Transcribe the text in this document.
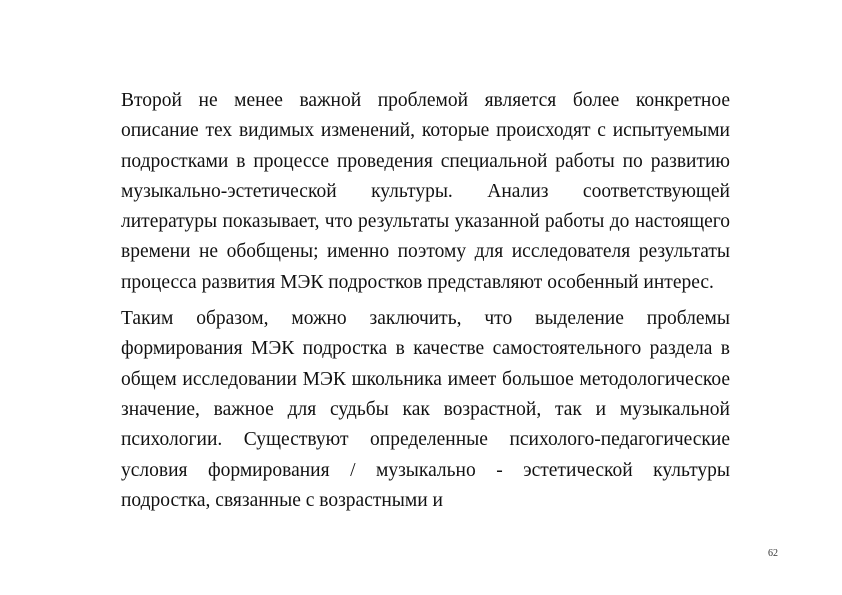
Второй не менее важной проблемой является более конкретное описание тех видимых изменений, которые происходят с испытуемыми подростками в процессе проведения специальной работы по развитию музыкально-эстетической культуры. Анализ соответствующей литературы показывает, что результаты указанной работы до настоящего времени не обобщены; именно поэтому для исследователя результаты процесса развития МЭК подростков представляют особенный интерес.

Таким образом, можно заключить, что выделение проблемы формирования МЭК подростка в качестве самостоятельного раздела в общем исследовании МЭК школьника имеет большое методологическое значение, важное для судьбы как возрастной, так и музыкальной психологии. Существуют определенные психолого-педагогические условия формирования / музыкально - эстетической культуры подростка, связанные с возрастными и

62
